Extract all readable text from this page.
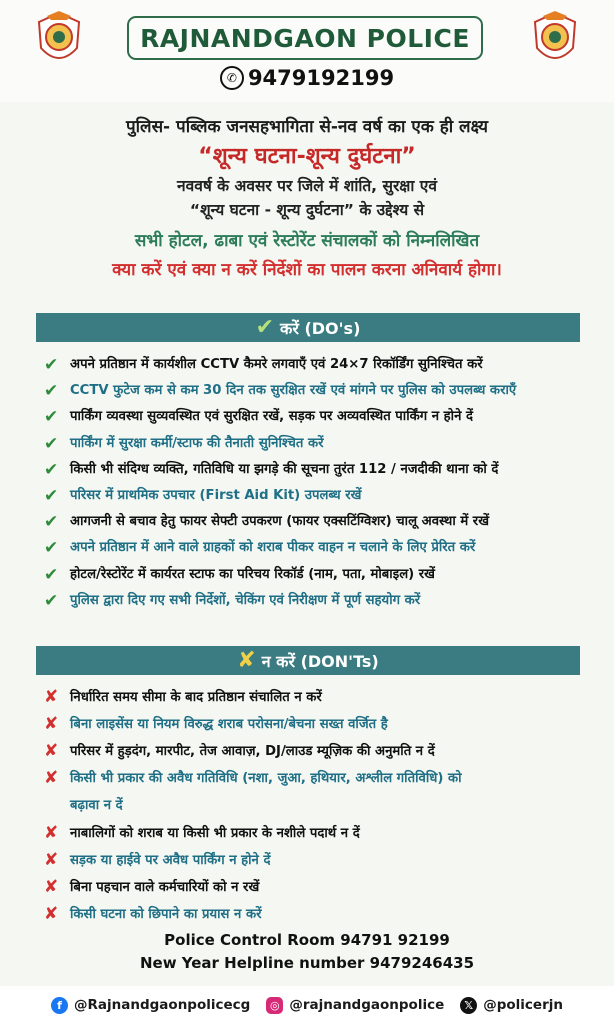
RAJNANDGAON POLICE
✆ 9479192199
पुलिस- पब्लिक जनसहभागिता से-नव वर्ष का एक ही लक्ष्य
“शून्य घटना-शून्य दुर्घटना”
नववर्ष के अवसर पर जिले में शांति, सुरक्षा एवं
“शून्य घटना - शून्य दुर्घटना” के उद्देश्य से
सभी होटल, ढाबा एवं रेस्टोरेंट संचालकों को निम्नलिखित
क्या करें एवं क्या न करें निर्देशों का पालन करना अनिवार्य होगा।
✔ करें (DO's)
✔ अपने प्रतिष्ठान में कार्यशील CCTV कैमरे लगवाएँ एवं 24×7 रिकॉर्डिंग सुनिश्चित करें
✔ CCTV फुटेज कम से कम 30 दिन तक सुरक्षित रखें एवं मांगने पर पुलिस को उपलब्ध कराएँ
✔ पार्किंग व्यवस्था सुव्यवस्थित एवं सुरक्षित रखें, सड़क पर अव्यवस्थित पार्किंग न होने दें
✔ पार्किंग में सुरक्षा कर्मी/स्टाफ की तैनाती सुनिश्चित करें
✔ किसी भी संदिग्ध व्यक्ति, गतिविधि या झगड़े की सूचना तुरंत 112 / नजदीकी थाना को दें
✔ परिसर में प्राथमिक उपचार (First Aid Kit) उपलब्ध रखें
✔ आगजनी से बचाव हेतु फायर सेफ्टी उपकरण (फायर एक्सटिंग्विशर) चालू अवस्था में रखें
✔ अपने प्रतिष्ठान में आने वाले ग्राहकों को शराब पीकर वाहन न चलाने के लिए प्रेरित करें
✔ होटल/रेस्टोरेंट में कार्यरत स्टाफ का परिचय रिकॉर्ड (नाम, पता, मोबाइल) रखें
✔ पुलिस द्वारा दिए गए सभी निर्देशों, चेकिंग एवं निरीक्षण में पूर्ण सहयोग करें
✘ न करें (DON'Ts)
✘ निर्धारित समय सीमा के बाद प्रतिष्ठान संचालित न करें
✘ बिना लाइसेंस या नियम विरुद्ध शराब परोसना/बेचना सख्त वर्जित है
✘ परिसर में हुड़दंग, मारपीट, तेज आवाज़, DJ/लाउड म्यूज़िक की अनुमति न दें
✘ किसी भी प्रकार की अवैध गतिविधि (नशा, जुआ, हथियार, अश्लील गतिविधि) को बढ़ावा न दें
✘ नाबालिगों को शराब या किसी भी प्रकार के नशीले पदार्थ न दें
✘ सड़क या हाईवे पर अवैध पार्किंग न होने दें
✘ बिना पहचान वाले कर्मचारियों को न रखें
✘ किसी घटना को छिपाने का प्रयास न करें
Police Control Room 94791 92199
New Year Helpline number 9479246435
f @Rajnandgaonpolicecg	◎ @rajnandgaonpolice	𝕏 @policerjn
